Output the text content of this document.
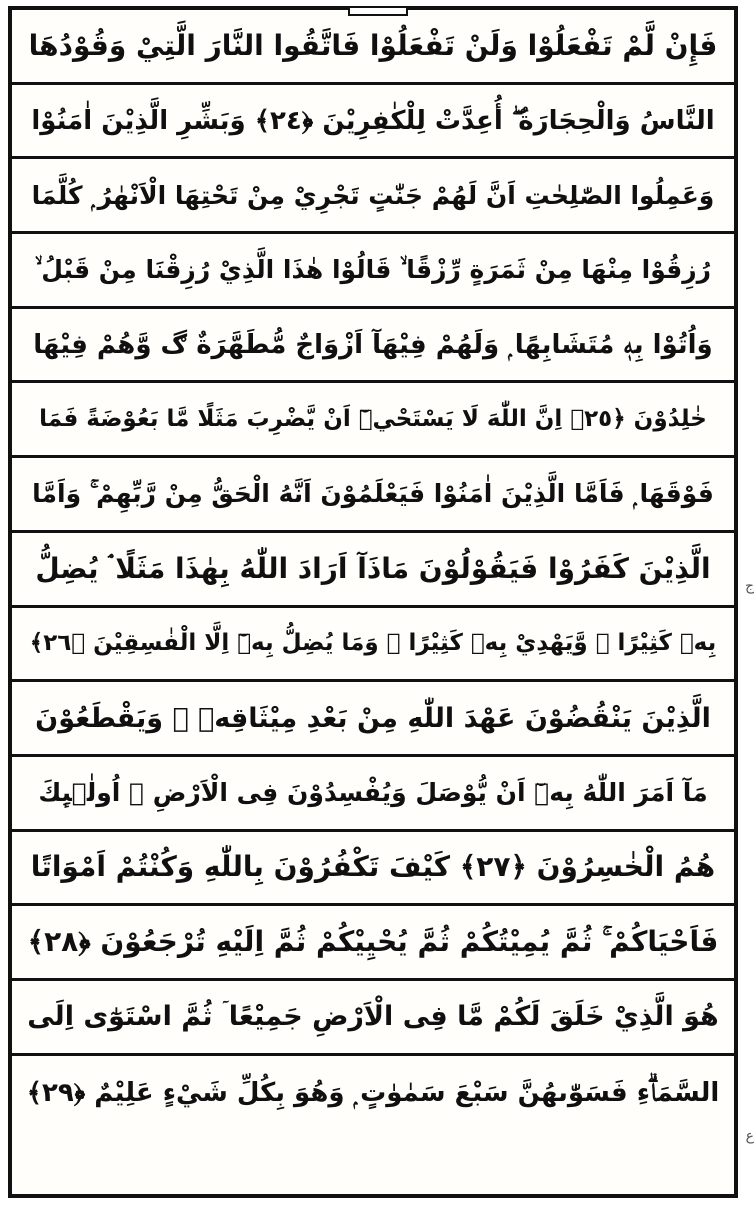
فَإِنْ لَّمْ تَفْعَلُوْا وَلَنْ تَفْعَلُوْا فَاتَّقُوا النَّارَ الَّتِيْ وَقُوْدُهَا
النَّاسُ وَالْحِجَارَةُ ۖ أُعِدَّتْ لِلْكٰفِرِيْنَ ﴿٢٤﴾ وَبَشِّرِ الَّذِيْنَ اٰمَنُوْا
وَعَمِلُوا الصّٰلِحٰتِ اَنَّ لَهُمْ جَنّٰتٍ تَجْرِيْ مِنْ تَحْتِهَا الْاَنْهٰرُ ۭ كُلَّمَا
رُزِقُوْا مِنْهَا مِنْ ثَمَرَةٍ رِّزْقًا ۙ قَالُوْا هٰذَا الَّذِيْ رُزِقْنَا مِنْ قَبْلُ ۙ
وَاُتُوْا بِهٖ مُتَشَابِهًا ۭ وَلَهُمْ فِيْهَآ اَزْوَاجٌ مُّطَهَّرَةٌ ڰ وَّهُمْ فِيْهَا
خٰلِدُوْنَ ﴿٢٥﴾ اِنَّ اللّٰهَ لَا يَسْتَحْيٖٓ اَنْ يَّضْرِبَ مَثَلًا مَّا بَعُوْضَةً فَمَا
فَوْقَهَا ۭ فَاَمَّا الَّذِيْنَ اٰمَنُوْا فَيَعْلَمُوْنَ اَنَّهُ الْحَقُّ مِنْ رَّبِّهِمْ ۚ وَاَمَّا
الَّذِيْنَ كَفَرُوْا فَيَقُوْلُوْنَ مَاذَآ اَرَادَ اللّٰهُ بِهٰذَا مَثَلًا ۘ يُضِلُّ
بِهٖ كَثِيْرًا ۙ وَّيَهْدِيْ بِهٖ كَثِيْرًا ۭ وَمَا يُضِلُّ بِهٖٓ اِلَّا الْفٰسِقِيْنَ ﴿٢٦﴾
الَّذِيْنَ يَنْقُضُوْنَ عَهْدَ اللّٰهِ مِنْ بَعْدِ مِيْثَاقِهٖ ۠ وَيَقْطَعُوْنَ
مَآ اَمَرَ اللّٰهُ بِهٖٓ اَنْ يُّوْصَلَ وَيُفْسِدُوْنَ فِى الْاَرْضِ ۭ اُولٰۗىِٕكَ
هُمُ الْخٰسِرُوْنَ ﴿٢٧﴾ كَيْفَ تَكْفُرُوْنَ بِاللّٰهِ وَكُنْتُمْ اَمْوَاتًا
فَاَحْيَاكُمْ ۚ ثُمَّ يُمِيْتُكُمْ ثُمَّ يُحْيِيْكُمْ ثُمَّ اِلَيْهِ تُرْجَعُوْنَ ﴿٢٨﴾
هُوَ الَّذِيْ خَلَقَ لَكُمْ مَّا فِى الْاَرْضِ جَمِيْعًا ۤ ثُمَّ اسْتَوٰٓى اِلَى
السَّمَاۗءِ فَسَوّٰىهُنَّ سَبْعَ سَمٰوٰتٍ ۭ وَهُوَ بِكُلِّ شَيْءٍ عَلِيْمٌ ﴿٢٩﴾
ج
ع
